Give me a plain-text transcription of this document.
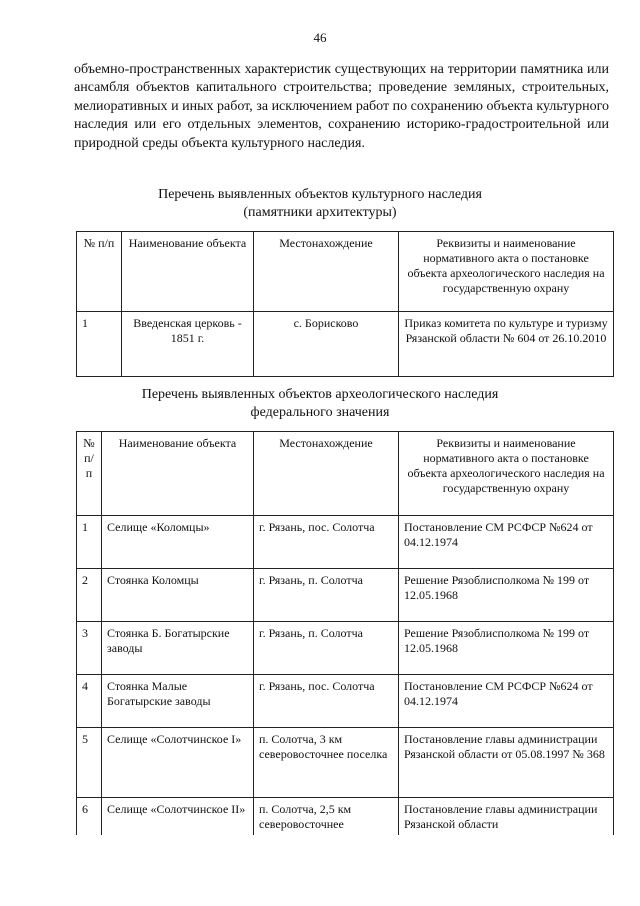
46
объемно-пространственных характеристик существующих на территории памятника или ансамбля объектов капитального строительства; проведение земляных, строительных, мелиоративных и иных работ, за исключением работ по сохранению объекта культурного наследия или его отдельных элементов, сохранению историко-градостроительной или природной среды объекта культурного наследия.
Перечень выявленных объектов культурного наследия
(памятники архитектуры)
№ п/п	Наименование объекта	Местонахождение	Реквизиты и наименование нормативного акта о постановке объекта археологического наследия на государственную охрану
1	Введенская церковь - 1851 г.	с. Борисково	Приказ комитета по культуре и туризму Рязанской области № 604 от 26.10.2010
Перечень выявленных объектов археологического наследия
федерального значения
№ п/п	Наименование объекта	Местонахождение	Реквизиты и наименование нормативного акта о постановке объекта археологического наследия на государственную охрану
1	Селище «Коломцы»	г. Рязань, пос. Солотча	Постановление СМ РСФСР №624 от 04.12.1974
2	Стоянка Коломцы	г. Рязань, п. Солотча	Решение Рязоблисполкома № 199 от 12.05.1968
3	Стоянка Б. Богатырские заводы	г. Рязань, п. Солотча	Решение Рязоблисполкома № 199 от 12.05.1968
4	Стоянка Малые Богатырские заводы	г. Рязань, пос. Солотча	Постановление СМ РСФСР №624 от 04.12.1974
5	Селище «Солотчинское I»	п. Солотча, 3 км северовосточнее поселка	Постановление главы администрации Рязанской области от 05.08.1997 № 368
6	Селище «Солотчинское II»	п. Солотча, 2,5 км северовосточнее	Постановление главы администрации Рязанской области
